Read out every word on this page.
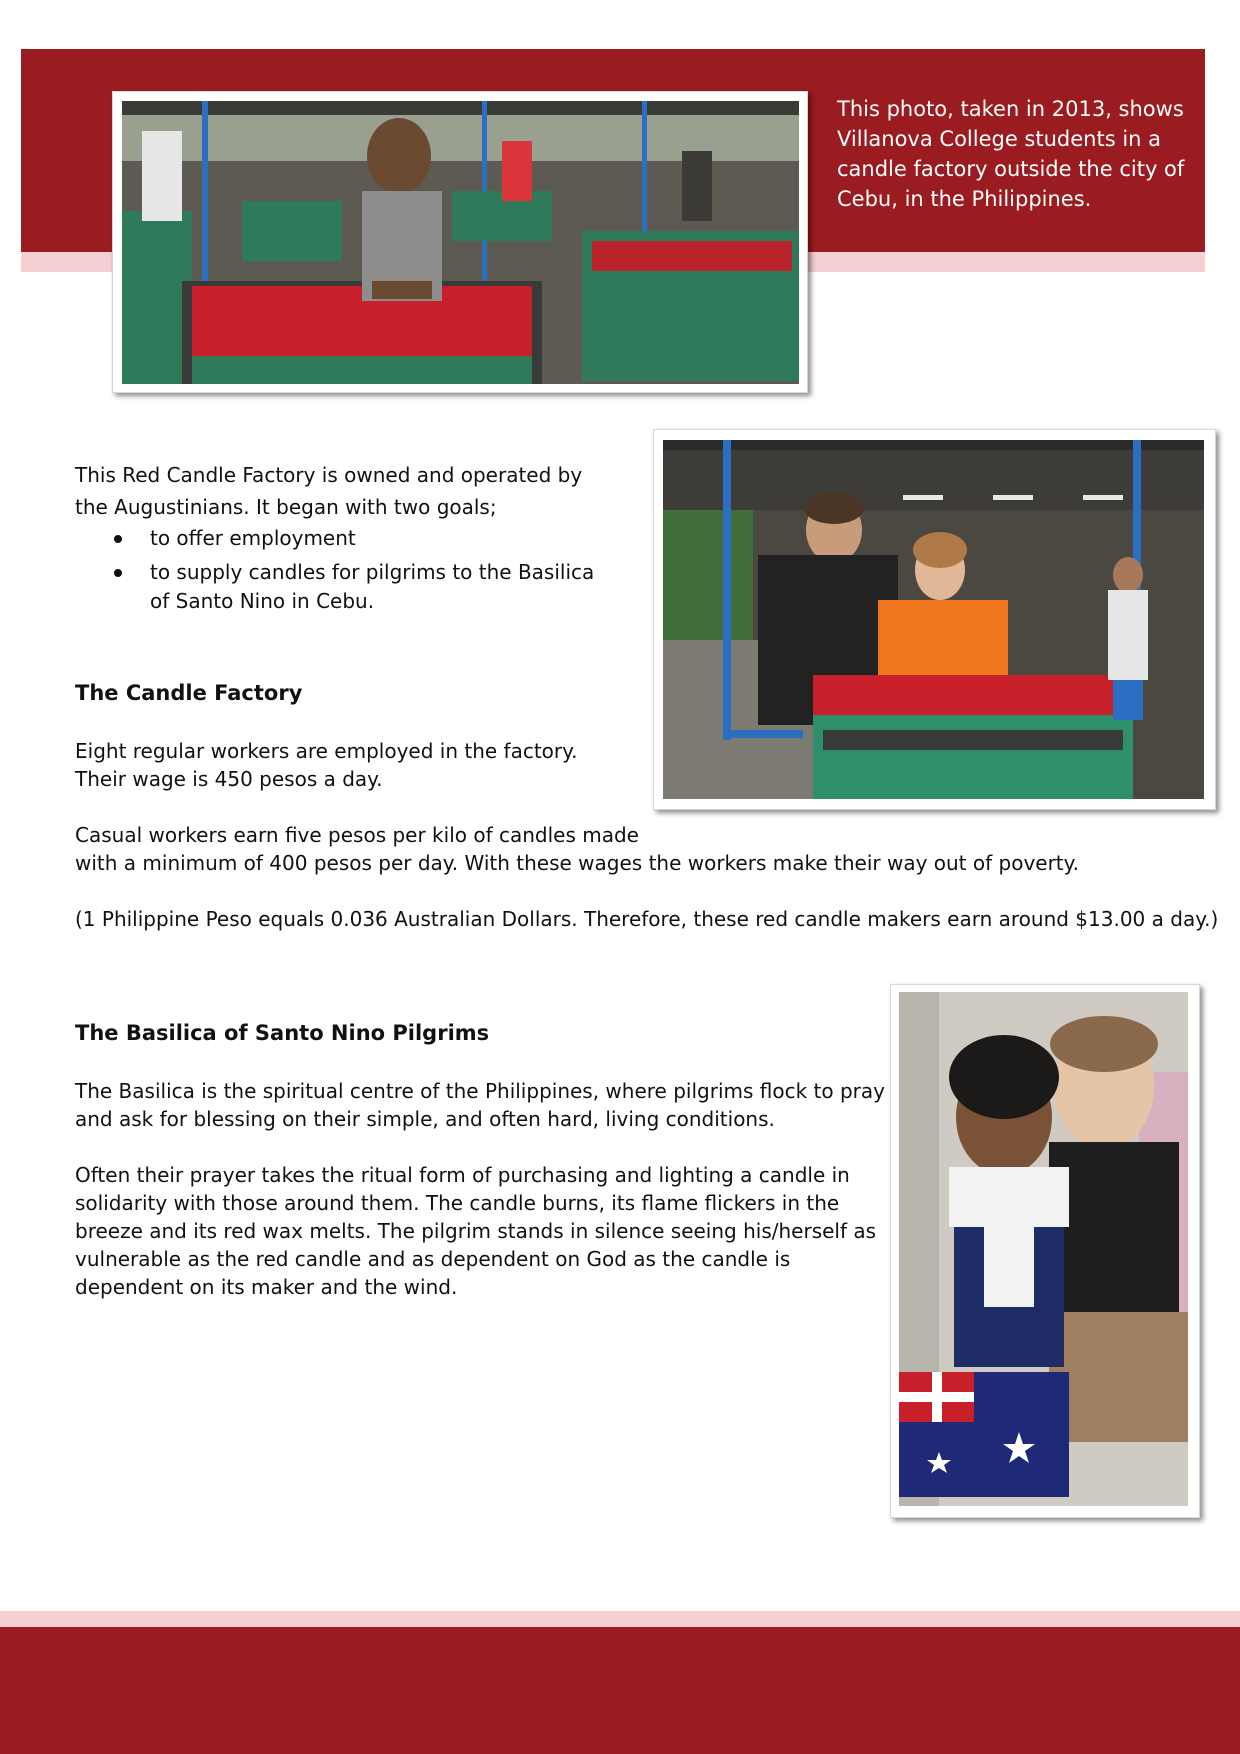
This photo, taken in 2013, shows Villanova College students in a candle factory outside the city of Cebu, in the Philippines.

This Red Candle Factory is owned and operated by the Augustinians. It began with two goals;

to offer employment
to supply candles for pilgrims to the Basilica of Santo Nino in Cebu.
The Candle Factory

Eight regular workers are employed in the factory. Their wage is 450 pesos a day.

Casual workers earn five pesos per kilo of candles made

with a minimum of 400 pesos per day. With these wages the workers make their way out of poverty.

(1 Philippine Peso equals 0.036 Australian Dollars. Therefore, these red candle makers earn around $13.00 a day.)

The Basilica of Santo Nino Pilgrims

The Basilica is the spiritual centre of the Philippines, where pilgrims flock to pray and ask for blessing on their simple, and often hard, living conditions.

Often their prayer takes the ritual form of purchasing and lighting a candle in solidarity with those around them. The candle burns, its flame flickers in the breeze and its red wax melts. The pilgrim stands in silence seeing his/herself as vulnerable as the red candle and as dependent on God as the candle is dependent on its maker and the wind.
